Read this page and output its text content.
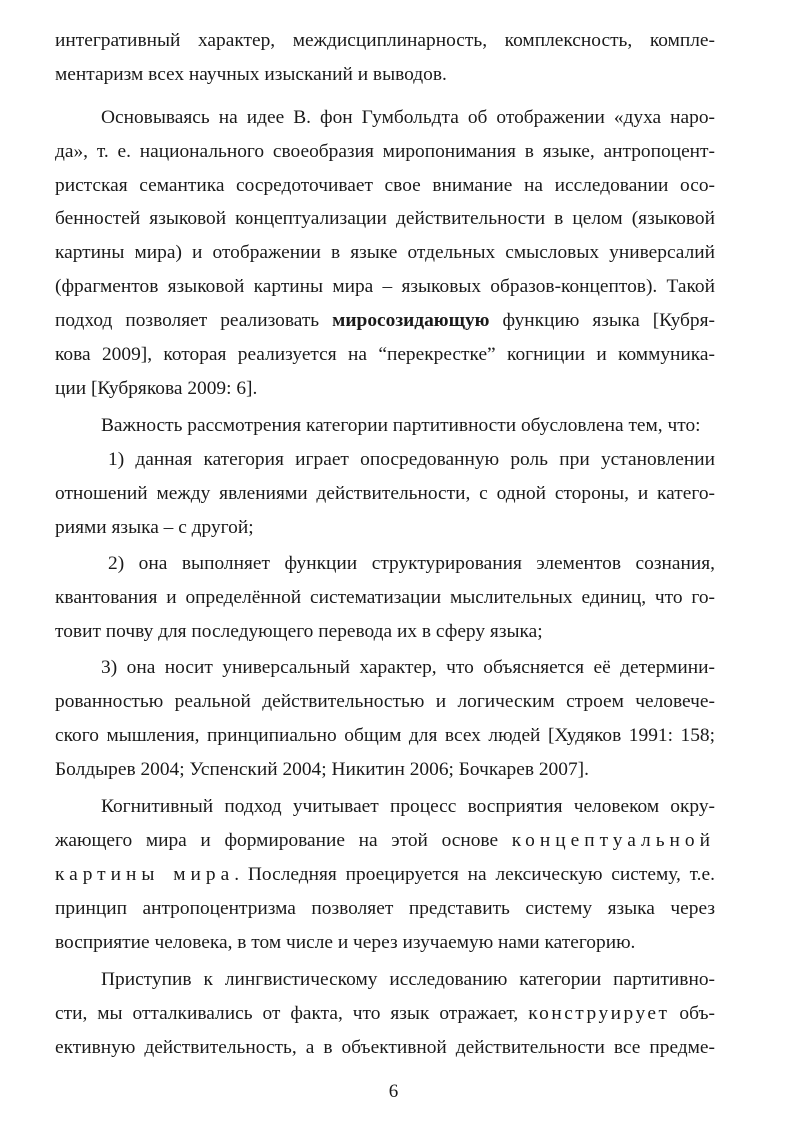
интегративный характер, междисциплинарность, комплексность, компле-
ментаризм всех научных изысканий и выводов.
Основываясь на идее В. фон Гумбольдта об отображении «духа наро-
да», т. е. национального своеобразия миропонимания в языке, антропоцент-
ристская семантика сосредоточивает свое внимание на исследовании осо-
бенностей языковой концептуализации действительности в целом (языковой
картины мира) и отображении в языке отдельных смысловых универсалий
(фрагментов языковой картины мира – языковых образов-концептов). Такой
подход позволяет реализовать миросозидающую функцию языка [Кубря-
кова 2009], которая реализуется на “перекрестке” когниции и коммуника-
ции [Кубрякова 2009: 6].
Важность рассмотрения категории партитивности обусловлена тем, что:
1) данная категория играет опосредованную роль при установлении
отношений между явлениями действительности, с одной стороны, и катего-
риями языка – с другой;
2) она выполняет функции структурирования элементов сознания,
квантования и определённой систематизации мыслительных единиц, что го-
товит почву для последующего перевода их в сферу языка;
3) она носит универсальный характер, что объясняется её детермини-
рованностью реальной действительностью и логическим строем человече-
ского мышления, принципиально общим для всех людей [Худяков 1991: 158;
Болдырев 2004; Успенский 2004; Никитин 2006; Бочкарев 2007].
Когнитивный подход учитывает процесс восприятия человеком окру-
жающего мира и формирование на этой основе концептуальной
картины мира. Последняя проецируется на лексическую систему, т.е.
принцип антропоцентризма позволяет представить систему языка через
восприятие человека, в том числе и через изучаемую нами категорию.
Приступив к лингвистическому исследованию категории партитивно-
сти, мы отталкивались от факта, что язык отражает, конструирует объ-
ективную действительность, а в объективной действительности все предме-
6
